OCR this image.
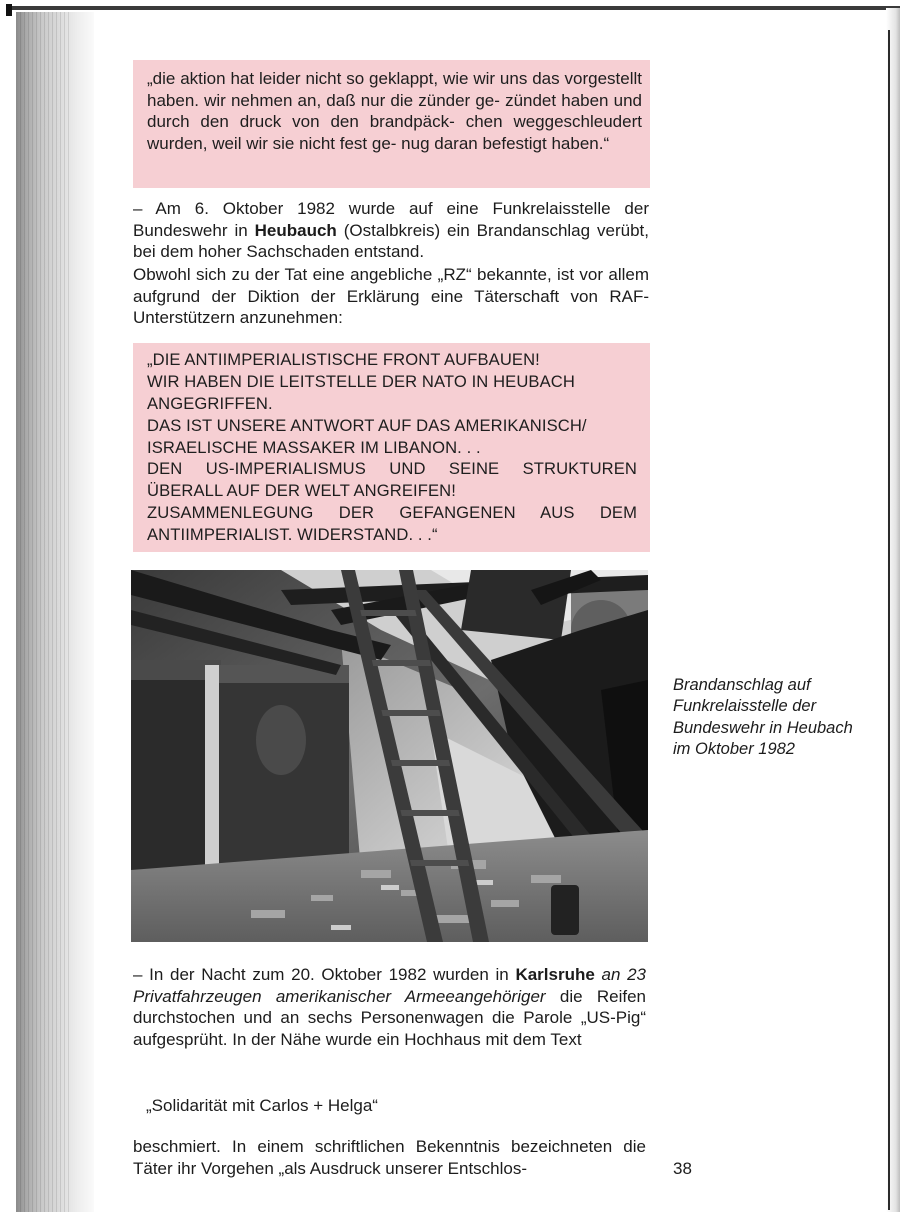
„die aktion hat leider nicht so geklappt, wie wir uns das vorgestellt haben. wir nehmen an, daß nur die zünder ge- zündet haben und durch den druck von den brandpäck- chen weggeschleudert wurden, weil wir sie nicht fest ge- nug daran befestigt haben.“

– Am 6. Oktober 1982 wurde auf eine Funkrelaisstelle der Bundeswehr in Heubauch (Ostalbkreis) ein Brandanschlag verübt, bei dem hoher Sachschaden entstand.

Obwohl sich zu der Tat eine angebliche „RZ“ bekannte, ist vor allem aufgrund der Diktion der Erklärung eine Täterschaft von RAF-Unterstützern anzunehmen:

„DIE ANTIIMPERIALISTISCHE FRONT AUFBAUEN!

WIR HABEN DIE LEITSTELLE DER NATO IN HEUBACH

ANGEGRIFFEN.

DAS IST UNSERE ANTWORT AUF DAS AMERIKANISCH/

ISRAELISCHE MASSAKER IM LIBANON. . .

DEN US-IMPERIALISMUS UND SEINE STRUKTUREN

ÜBERALL AUF DER WELT ANGREIFEN!

ZUSAMMENLEGUNG DER GEFANGENEN AUS DEM

ANTIIMPERIALIST. WIDERSTAND. . .“

Brandanschlag auf
Funkrelaisstelle der
Bundeswehr in Heubach
im Oktober 1982

– In der Nacht zum 20. Oktober 1982 wurden in Karlsruhe an 23 Privatfahrzeugen amerikanischer Armeeangehöriger die Reifen durchstochen und an sechs Personenwagen die Parole „US-Pig“ aufgesprüht. In der Nähe wurde ein Hochhaus mit dem Text

„Solidarität mit Carlos + Helga“

beschmiert. In einem schriftlichen Bekenntnis bezeichneten die Täter ihr Vorgehen „als Ausdruck unserer Entschlos-	38
